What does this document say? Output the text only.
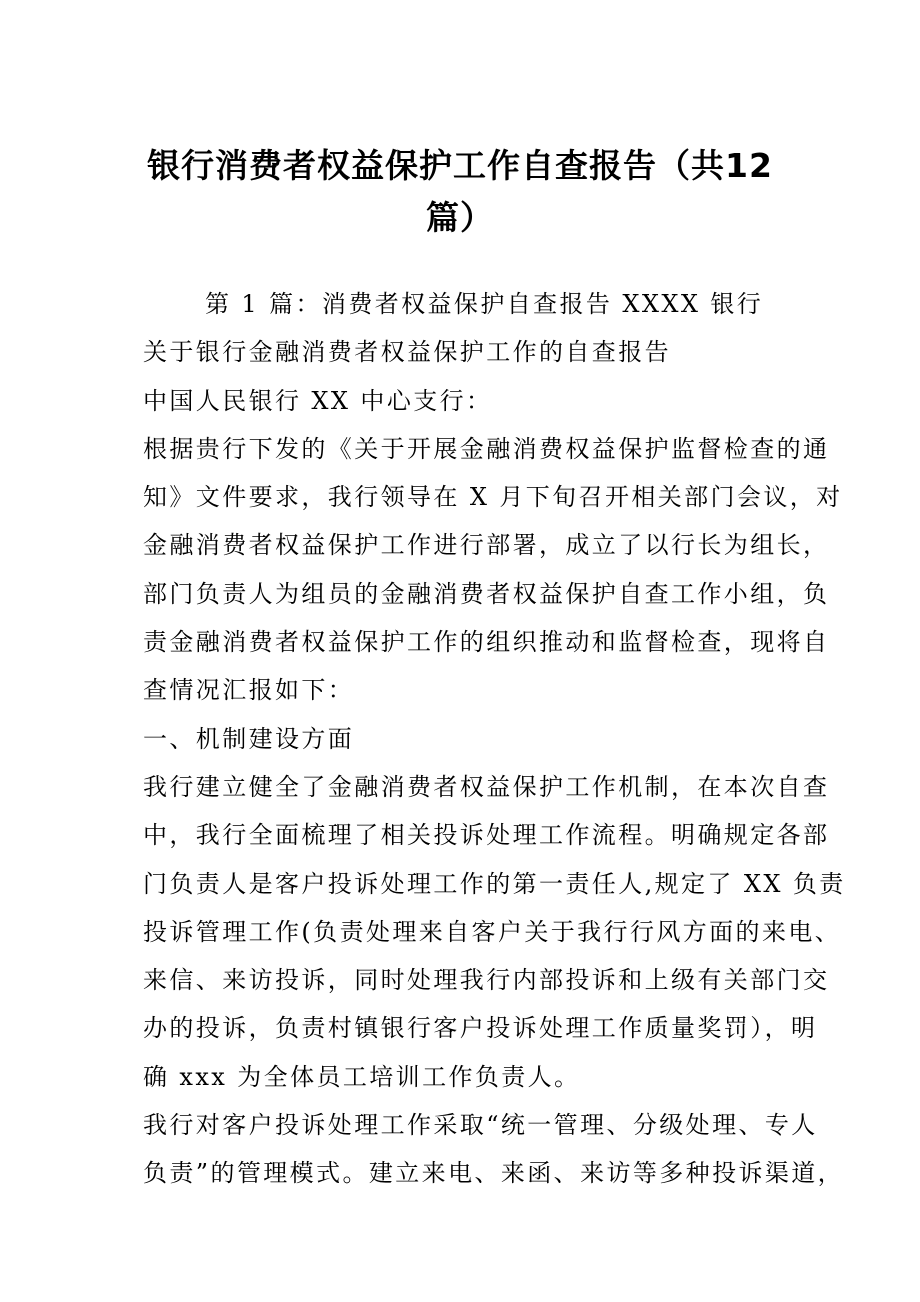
银行消费者权益保护工作自查报告（共12
篇）
第 1 篇：消费者权益保护自查报告 XXXX 银行
关于银行金融消费者权益保护工作的自查报告
中国人民银行 XX 中心支行：
根据贵行下发的《关于开展金融消费权益保护监督检查的通
知》文件要求，我行领导在 X 月下旬召开相关部门会议，对
金融消费者权益保护工作进行部署，成立了以行长为组长，
部门负责人为组员的金融消费者权益保护自查工作小组，负
责金融消费者权益保护工作的组织推动和监督检查，现将自
查情况汇报如下：
一、机制建设方面
我行建立健全了金融消费者权益保护工作机制，在本次自查
中，我行全面梳理了相关投诉处理工作流程。明确规定各部
门负责人是客户投诉处理工作的第一责任人,规定了 XX 负责
投诉管理工作(负责处理来自客户关于我行行风方面的来电、
来信、来访投诉，同时处理我行内部投诉和上级有关部门交
办的投诉，负责村镇银行客户投诉处理工作质量奖罚），明
确 xxx 为全体员工培训工作负责人。
我行对客户投诉处理工作采取“统一管理、分级处理、专人
负责”的管理模式。建立来电、来函、来访等多种投诉渠道，
